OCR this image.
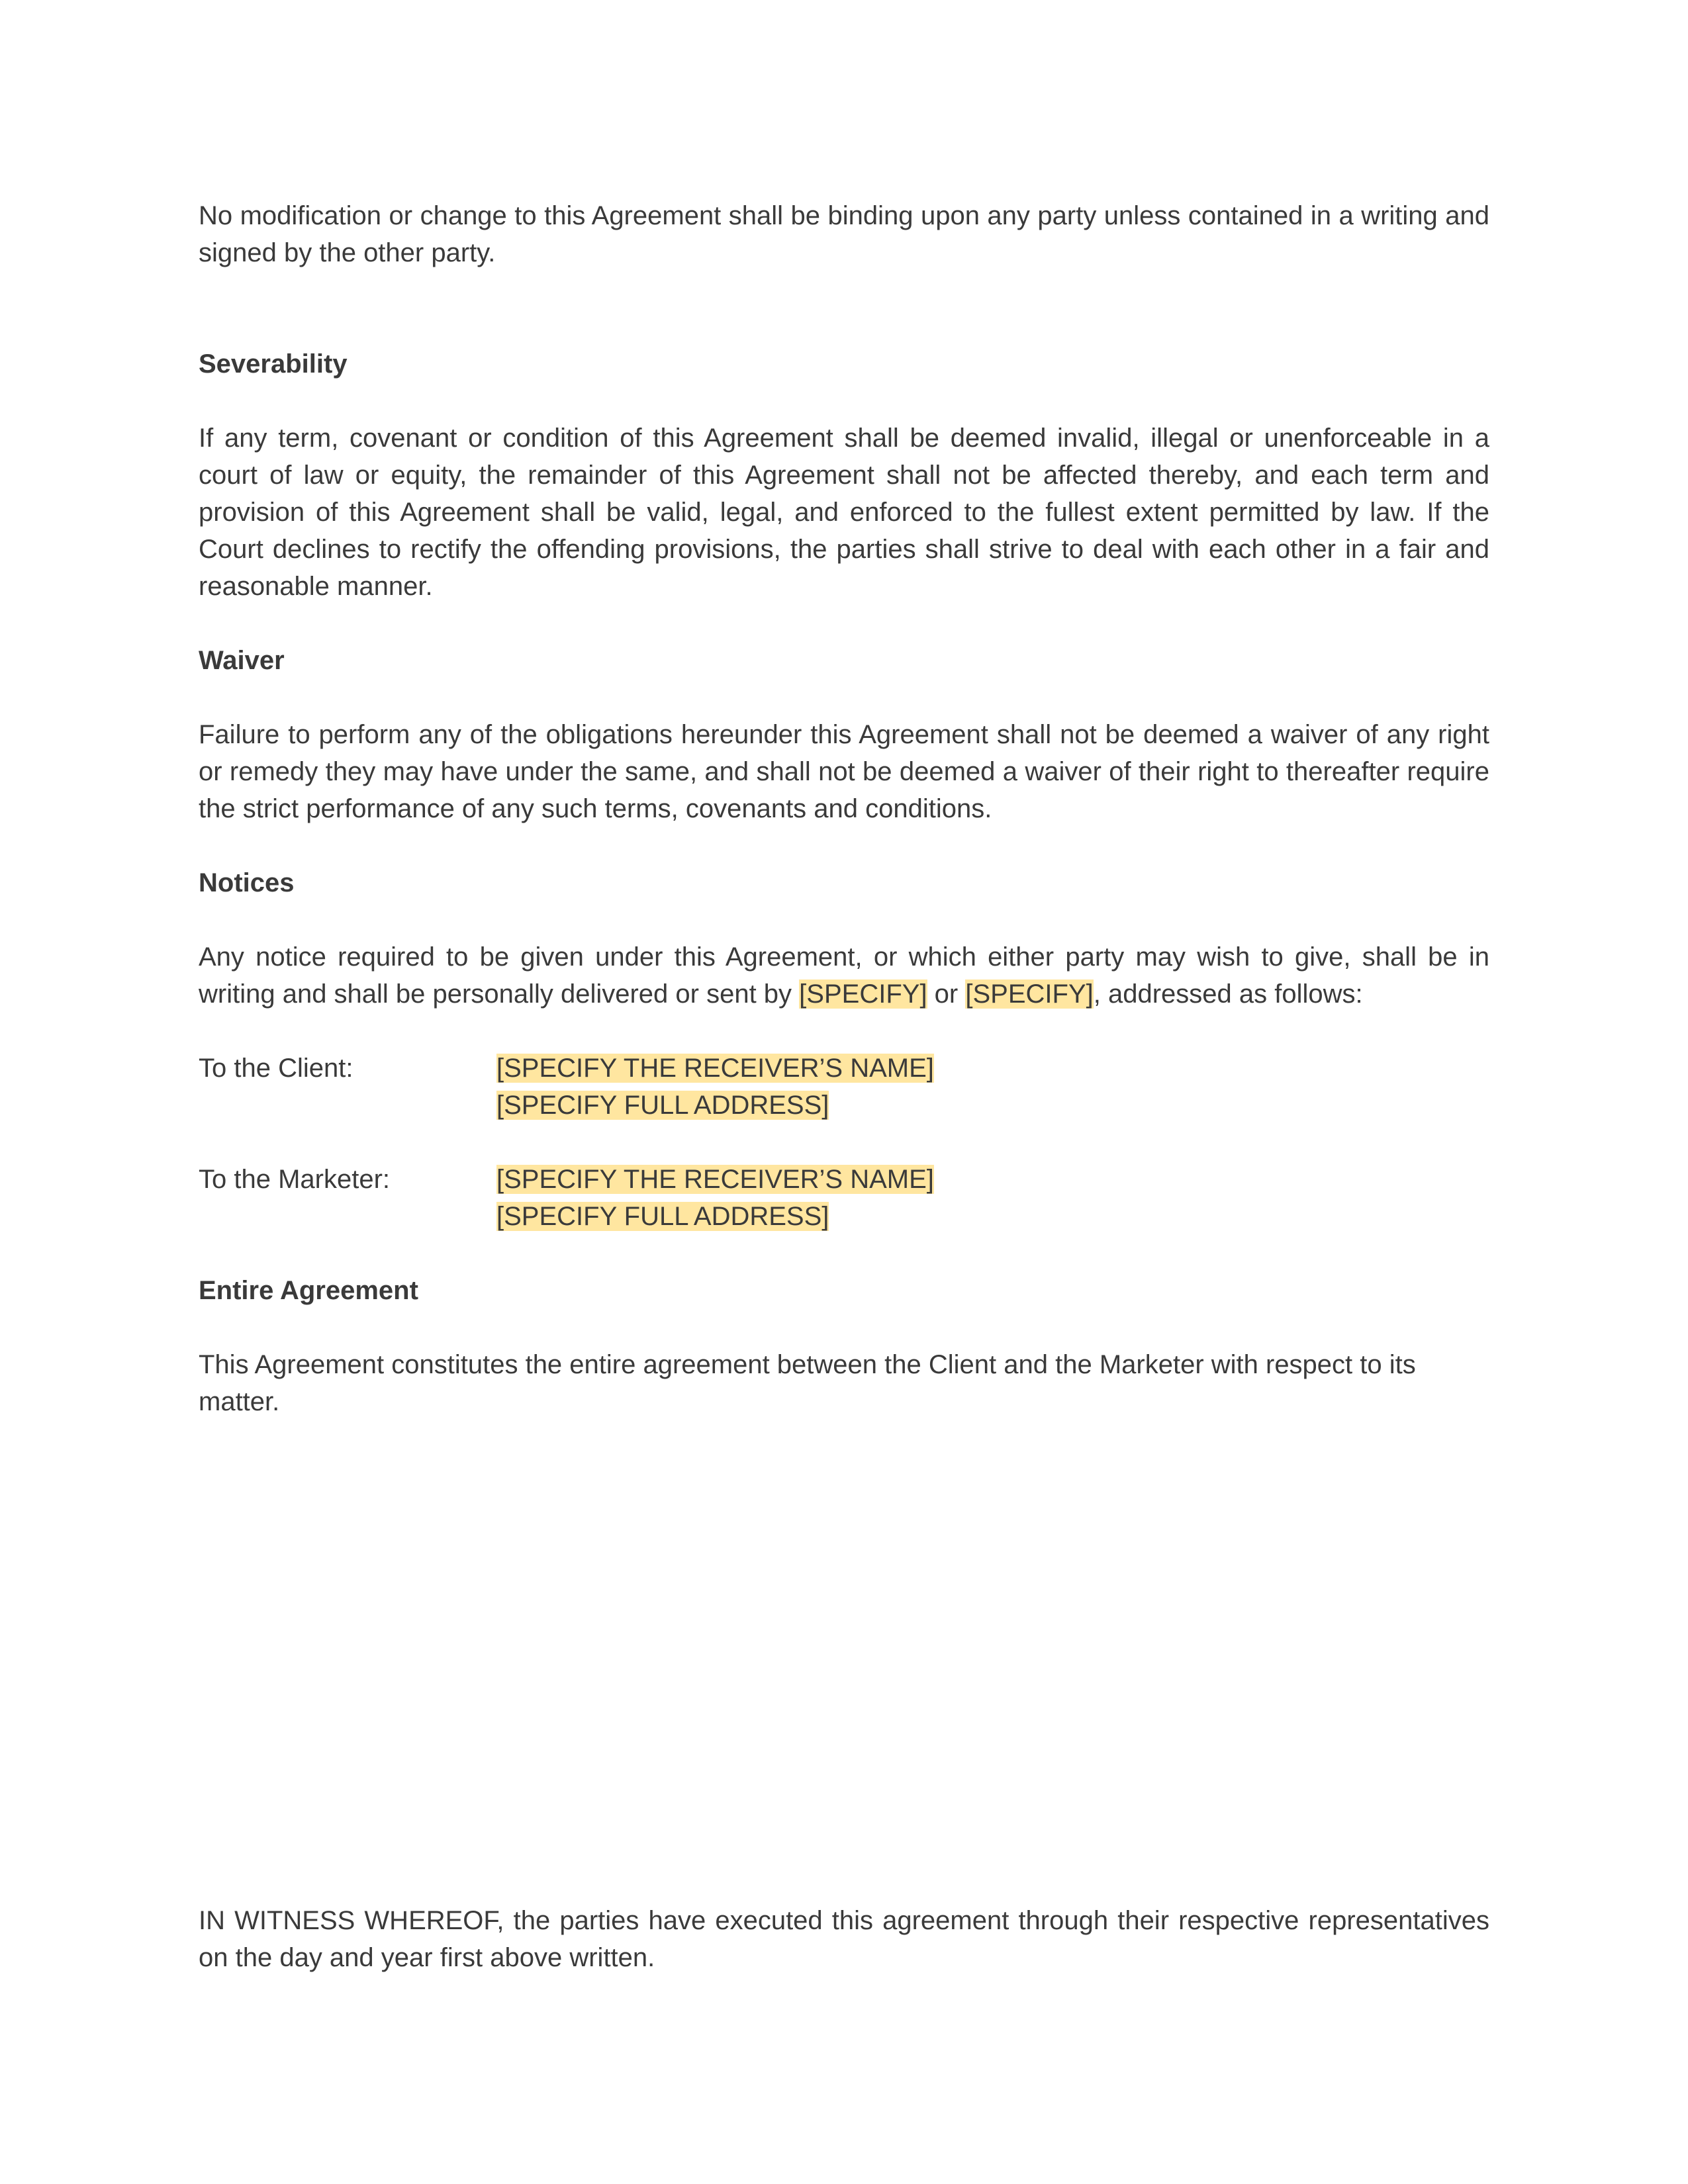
No modification or change to this Agreement shall be binding upon any party unless contained in a writing and signed by the other party.

Severability

If any term, covenant or condition of this Agreement shall be deemed invalid, illegal or unenforceable in a court of law or equity, the remainder of this Agreement shall not be affected thereby, and each term and provision of this Agreement shall be valid, legal, and enforced to the fullest extent permitted by law. If the Court declines to rectify the offending provisions, the parties shall strive to deal with each other in a fair and reasonable manner.

Waiver

Failure to perform any of the obligations hereunder this Agreement shall not be deemed a waiver of any right or remedy they may have under the same, and shall not be deemed a waiver of their right to thereafter require the strict performance of any such terms, covenants and conditions.

Notices

Any notice required to be given under this Agreement, or which either party may wish to give, shall be in writing and shall be personally delivered or sent by [SPECIFY] or [SPECIFY], addressed as follows:

To the Client:	[SPECIFY THE RECEIVER’S NAME]

[SPECIFY FULL ADDRESS]

To the Marketer:	[SPECIFY THE RECEIVER’S NAME]

[SPECIFY FULL ADDRESS]

Entire Agreement

This Agreement constitutes the entire agreement between the Client and the Marketer with respect to its matter.

IN WITNESS WHEREOF, the parties have executed this agreement through their respective representatives on the day and year first above written.
